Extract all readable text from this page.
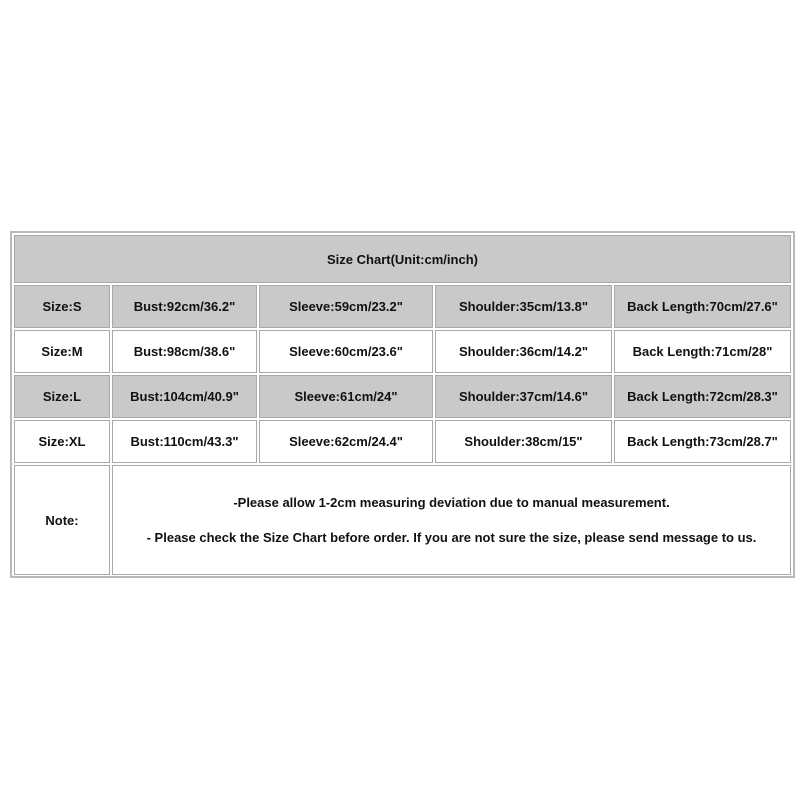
Size Chart(Unit:cm/inch)
Size:S	Bust:92cm/36.2"	Sleeve:59cm/23.2"	Shoulder:35cm/13.8"	Back Length:70cm/27.6"
Size:M	Bust:98cm/38.6"	Sleeve:60cm/23.6"	Shoulder:36cm/14.2"	Back Length:71cm/28"
Size:L	Bust:104cm/40.9"	Sleeve:61cm/24"	Shoulder:37cm/14.6"	Back Length:72cm/28.3"
Size:XL	Bust:110cm/43.3"	Sleeve:62cm/24.4"	Shoulder:38cm/15"	Back Length:73cm/28.7"
Note:
-Please allow 1-2cm measuring deviation due to manual measurement.
- Please check the Size Chart before order. If you are not sure the size, please send message to us.
